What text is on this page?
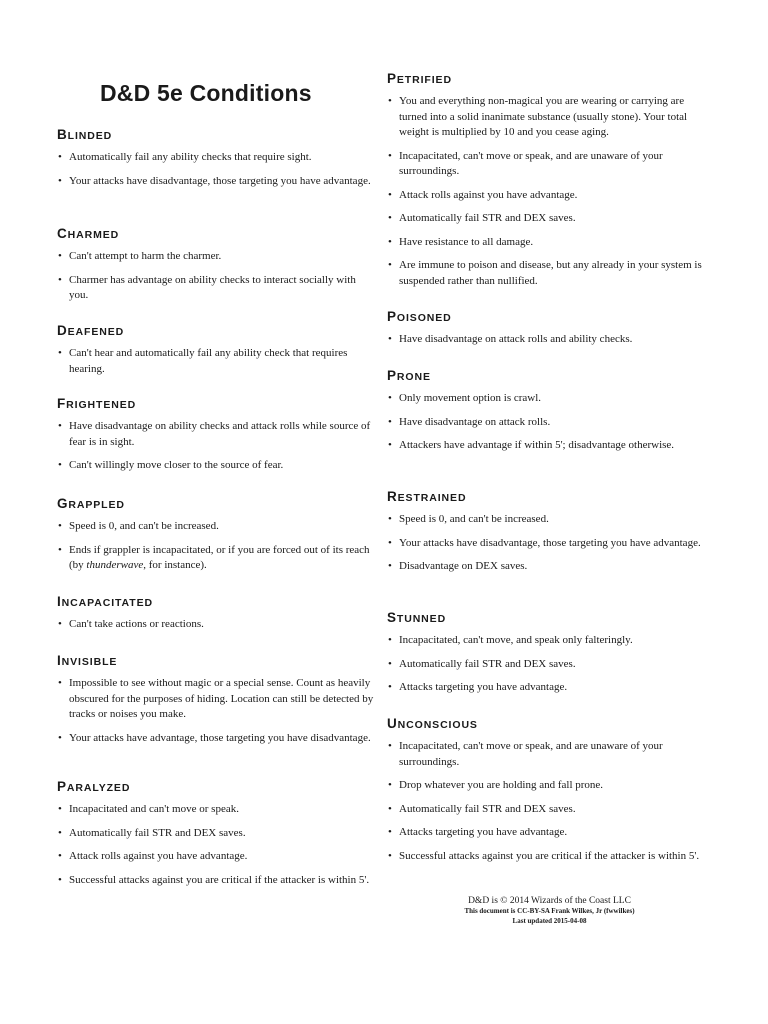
D&D 5e Conditions
BLINDED
• Automatically fail any ability checks that require sight.
• Your attacks have disadvantage, those targeting you have advantage.
CHARMED
• Can't attempt to harm the charmer.
• Charmer has advantage on ability checks to interact socially with you.
DEAFENED
• Can't hear and automatically fail any ability check that requires hearing.
FRIGHTENED
• Have disadvantage on ability checks and attack rolls while source of fear is in sight.
• Can't willingly move closer to the source of fear.
GRAPPLED
• Speed is 0, and can't be increased.
• Ends if grappler is incapacitated, or if you are forced out of its reach (by thunderwave, for instance).
INCAPACITATED
• Can't take actions or reactions.
INVISIBLE
• Impossible to see without magic or a special sense. Count as heavily obscured for the purposes of hiding. Location can still be detected by tracks or noises you make.
• Your attacks have advantage, those targeting you have disadvantage.
PARALYZED
• Incapacitated and can't move or speak.
• Automatically fail STR and DEX saves.
• Attack rolls against you have advantage.
• Successful attacks against you are critical if the attacker is within 5'.
PETRIFIED
• You and everything non-magical you are wearing or carrying are turned into a solid inanimate substance (usually stone). Your total weight is multiplied by 10 and you cease aging.
• Incapacitated, can't move or speak, and are unaware of your surroundings.
• Attack rolls against you have advantage.
• Automatically fail STR and DEX saves.
• Have resistance to all damage.
• Are immune to poison and disease, but any already in your system is suspended rather than nullified.
POISONED
• Have disadvantage on attack rolls and ability checks.
PRONE
• Only movement option is crawl.
• Have disadvantage on attack rolls.
• Attackers have advantage if within 5'; disadvantage otherwise.
RESTRAINED
• Speed is 0, and can't be increased.
• Your attacks have disadvantage, those targeting you have advantage.
• Disadvantage on DEX saves.
STUNNED
• Incapacitated, can't move, and speak only falteringly.
• Automatically fail STR and DEX saves.
• Attacks targeting you have advantage.
UNCONSCIOUS
• Incapacitated, can't move or speak, and are unaware of your surroundings.
• Drop whatever you are holding and fall prone.
• Automatically fail STR and DEX saves.
• Attacks targeting you have advantage.
• Successful attacks against you are critical if the attacker is within 5'.
D&D is © 2014 Wizards of the Coast LLC
This document is CC-BY-SA Frank Wilkes, Jr (fwwilkes)
Last updated 2015-04-08
